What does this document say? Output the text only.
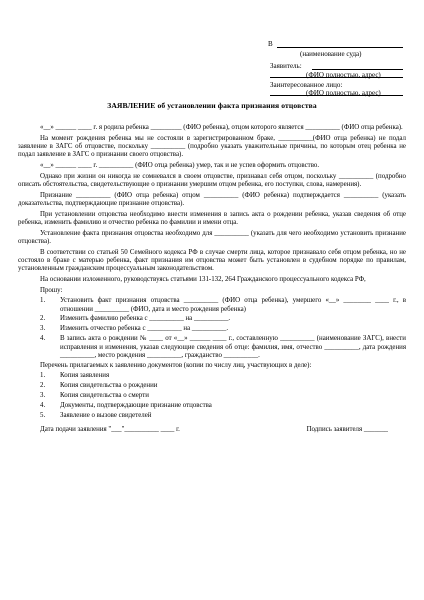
В
(наименование суда)
Заявитель:
(ФИО полностью, адрес)
Заинтересованное лицо:
(ФИО полностью, адрес)
ЗАЯВЛЕНИЕ об установлении факта признания отцовства

«__» ______ ____ г. я родила ребенка _________ (ФИО ребенка), отцом которого является __________ (ФИО отца ребенка).

На момент рождения ребенка мы не состояли в зарегистрированном браке, __________(ФИО отца ребенка) не подал заявление в ЗАГС об отцовстве, поскольку __________ (подробно указать уважительные причины, по которым отец ребенка не подал заявление в ЗАГС о признании своего отцовства).

«__» ______ ____ г. __________ (ФИО отца ребенка) умер, так и не успев оформить отцовство.

Однако при жизни он никогда не сомневался в своем отцовстве, признавал себя отцом, поскольку __________ (подробно описать обстоятельства, свидетельствующие о признании умершим отцом ребенка, его поступки, слова, намерения).

Признание __________ (ФИО отца ребенка) отцом __________ (ФИО ребенка) подтверждается __________ (указать доказательства, подтверждающие признание отцовства).

При установлении отцовства необходимо внести изменения в запись акта о рождении ребенка, указав сведения об отце ребенка, изменить фамилию и отчество ребенка по фамилии и имени отца.

Установление факта признания отцовства необходимо для __________ (указать для чего необходимо установить признание отцовства).

В соответствии со статьей 50 Семейного кодекса РФ в случае смерти лица, которое признавало себя отцом ребенка, но не состояло в браке с матерью ребенка, факт признания им отцовства может быть установлен в судебном порядке по правилам, установленным гражданским процессуальным законодательством.

На основании изложенного, руководствуясь статьями 131-132, 264 Гражданского процессуального кодекса РФ,

Прошу:

1.	Установить факт признания отцовства __________ (ФИО отца ребенка), умершего «__» ________ ____ г., в отношении __________ (ФИО, дата и место рождения ребенка)
2.	Изменить фамилию ребенка с __________ на __________.
3.	Изменить отчество ребенка с __________ на __________.
4.	В запись акта о рождении № ____ от «__» ______ ____ г., составленную __________ (наименование ЗАГС), внести исправления и изменения, указав следующие сведения об отце: фамилия, имя, отчество __________, дата рождения __________, место рождения __________, гражданство __________.

Перечень прилагаемых к заявлению документов (копии по числу лиц, участвующих в деле):

1.	Копия заявления
2.	Копия свидетельства о рождении
3.	Копия свидетельства о смерти
4.	Документы, подтверждающие признание отцовства
5.	Заявление о вызове свидетелей
Дата подачи заявления "___"__________ ____ г.	Подпись заявителя _______
